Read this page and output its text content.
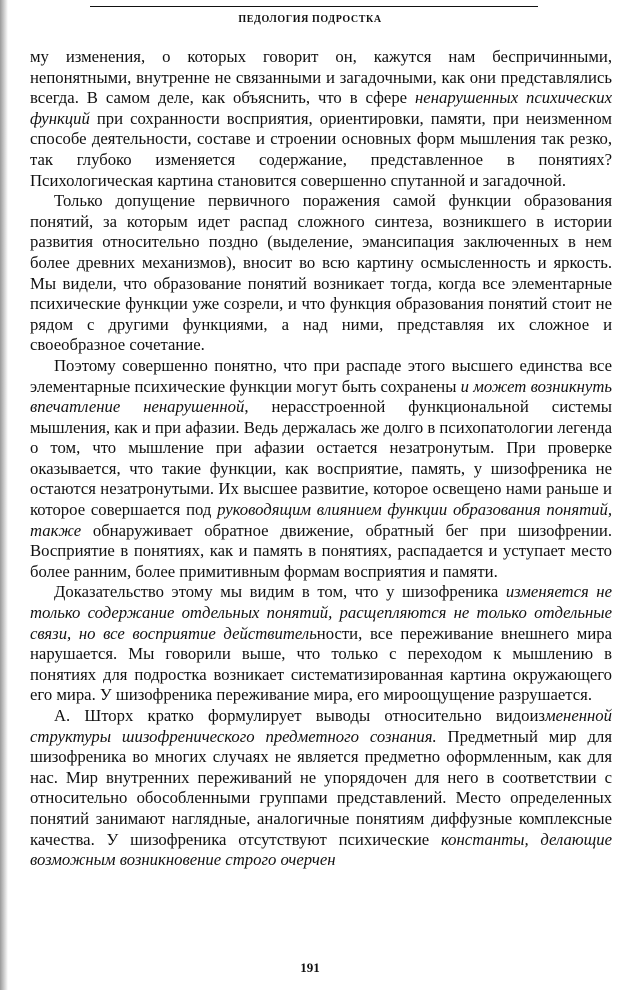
ПЕДОЛОГИЯ ПОДРОСТКА

му изменения, о которых говорит он, кажутся нам беспричинными, непонятными, внутренне не связанными и загадочными, как они представлялись всегда. В самом деле, как объяснить, что в сфере ненарушенных психических функций при сохранности восприятия, ориентировки, памяти, при неизменном способе деятельности, составе и строении основных форм мышления так резко, так глубоко изменяется содержание, представленное в понятиях? Психологическая картина становится совершенно спутанной и загадочной.

Только допущение первичного поражения самой функции образования понятий, за которым идет распад сложного синтеза, возникшего в истории развития относительно поздно (выделение, эмансипация заключенных в нем более древних механизмов), вносит во всю картину осмысленность и яркость. Мы видели, что образование понятий возникает тогда, когда все элементарные психические функции уже созрели, и что функция образования понятий стоит не рядом с другими функциями, а над ними, представляя их сложное и своеобразное сочетание.

Поэтому совершенно понятно, что при распаде этого высшего единства все элементарные психические функции могут быть сохранены и может возникнуть впечатление ненарушенной, нерасстроенной функциональной системы мышления, как и при афазии. Ведь держалась же долго в психопатологии легенда о том, что мышление при афазии остается незатронутым. При проверке оказывается, что такие функции, как восприятие, память, у шизофреника не остаются незатронутыми. Их высшее развитие, которое освещено нами раньше и которое совершается под руководящим влиянием функции образования понятий, также обнаруживает обратное движение, обратный бег при шизофрении. Восприятие в понятиях, как и память в понятиях, распадается и уступает место более ранним, более примитивным формам восприятия и памяти.

Доказательство этому мы видим в том, что у шизофреника изменяется не только содержание отдельных понятий, расщепляются не только отдельные связи, но все восприятие действительности, все переживание внешнего мира нарушается. Мы говорили выше, что только с переходом к мышлению в понятиях для подростка возникает систематизированная картина окружающего его мира. У шизофреника переживание мира, его мироощущение разрушается.

А. Шторх кратко формулирует выводы относительно видоизмененной структуры шизофренического предметного сознания. Предметный мир для шизофреника во многих случаях не является предметно оформленным, как для нас. Мир внутренних переживаний не упорядочен для него в соответствии с относительно обособленными группами представлений. Место определенных понятий занимают наглядные, аналогичные понятиям диффузные комплексные качества. У шизофреника отсутствуют психические константы, делающие возможным возникновение строго очерчен

191
